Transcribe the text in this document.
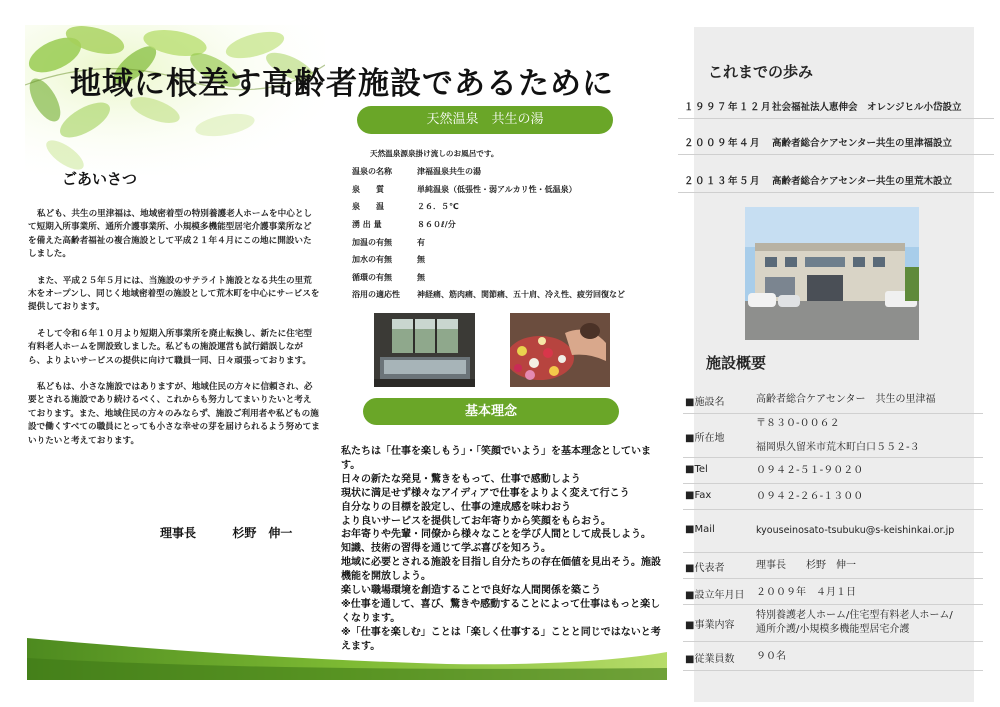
地域に根差す高齢者施設であるために
ごあいさつ

私ども、共生の里津福は、地域密着型の特別養護老人ホームを中心として短期入所事業所、通所介護事業所、小規模多機能型居宅介護事業所などを備えた高齢者福祉の複合施設として平成２１年４月にこの地に開設いたしました。

また、平成２５年５月には、当施設のサテライト施設となる共生の里荒木をオープンし、同じく地域密着型の施設として荒木町を中心にサービスを提供しております。

そして令和６年１０月より短期入所事業所を廃止転換し、新たに住宅型有料老人ホームを開設致しました。私どもの施設運営も試行錯誤しながら、よりよいサービスの提供に向けて職員一同、日々頑張っております。

私どもは、小さな施設ではありますが、地域住民の方々に信頼され、必要とされる施設であり続けるべく、これからも努力してまいりたいと考えております。また、地域住民の方々のみならず、施設ご利用者や私どもの施設で働くすべての職員にとっても小さな幸せの芽を届けられるよう努めてまいりたいと考えております。

理事長	杉野　伸一
天然温泉　共生の湯
天然温泉源泉掛け流しのお風呂です。
温泉の名称	津福温泉共生の湯
泉　　質	単純温泉（低張性・弱アルカリ性・低温泉）
泉　　温	２６．５℃
湧 出 量	８６０ℓ/分
加温の有無	有
加水の有無	無
循環の有無	無
浴用の適応性	神経痛、筋肉痛、関節痛、五十肩、冷え性、疲労回復など
基本理念
私たちは「仕事を楽しもう」・「笑顔でいよう」を基本理念としています。
日々の新たな発見・驚きをもって、仕事で感動しよう
現状に満足せず様々なアイディアで仕事をよりよく変えて行こう
自分なりの目標を設定し、仕事の達成感を味わおう
より良いサービスを提供してお年寄りから笑顔をもらおう。
お年寄りや先輩・同僚から様々なことを学び人間として成長しよう。
知識、技術の習得を通じて学ぶ喜びを知ろう。
地域に必要とされる施設を目指し自分たちの存在価値を見出そう。施設機能を開放しよう。
楽しい職場環境を創造することで良好な人間関係を築こう
※仕事を通して、喜び、驚きや感動することによって仕事はもっと楽しくなります。
※「仕事を楽しむ」ことは「楽しく仕事する」ことと同じではないと考えます。
これまでの歩み
１９９７年１２月 社会福祉法人恵伸会　オレンジヒル小岱設立
２００９年４月 高齢者総合ケアセンター共生の里津福設立
２０１３年５月 高齢者総合ケアセンター共生の里荒木設立
施設概要
■施設名	高齢者総合ケアセンター　共生の里津福
■所在地
〒８３０-００６２
福岡県久留米市荒木町白口５５２-３
■Tel	０９４２-５１-９０２０
■Fax	０９４２-２６-１３００
■Mail	kyouseinosato-tsubuku@s-keishinkai.or.jp
■代表者	理事長　　杉野　伸一
■設立年月日 ２００９年　４月１日
■事業内容
特別養護老人ホーム/住宅型有料老人ホーム/
通所介護/小規模多機能型居宅介護
■従業員数 ９０名
